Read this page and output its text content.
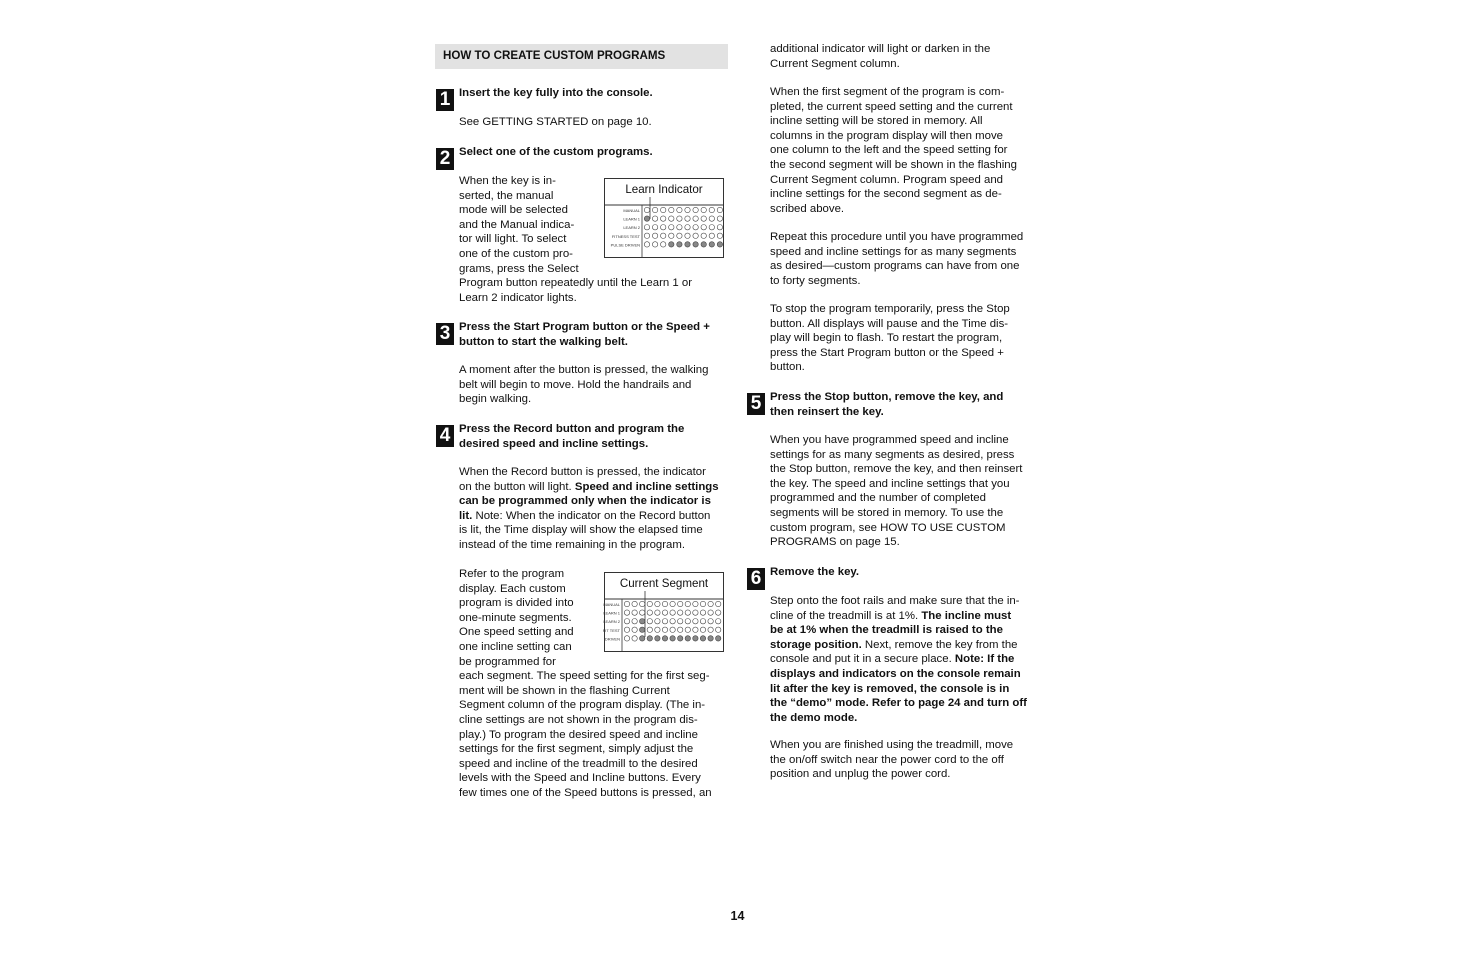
HOW TO CREATE CUSTOM PROGRAMS
1 Insert the key fully into the console.

See GETTING STARTED on page 10.

2 Select one of the custom programs.

When the key is in-

serted, the manual

mode will be selected

and the Manual indica-

tor will light. To select

one of the custom pro-

grams, press the Select

Program button repeatedly until the Learn 1 or

Learn 2 indicator lights.

Learn Indicator
MANUAL
LEARN 1
LEARN 2
FITNESS TEST
PULSE DRIVEN
3 Press the Start Program button or the Speed +

button to start the walking belt.

A moment after the button is pressed, the walking

belt will begin to move. Hold the handrails and

begin walking.

4 Press the Record button and program the

desired speed and incline settings.

When the Record button is pressed, the indicator

on the button will light. Speed and incline settings

can be programmed only when the indicator is

lit. Note: When the indicator on the Record button

is lit, the Time display will show the elapsed time

instead of the time remaining in the program.

Refer to the program

display. Each custom

program is divided into

one-minute segments.

One speed setting and

one incline setting can

be programmed for

each segment. The speed setting for the first seg-

ment will be shown in the flashing Current

Segment column of the program display. (The in-

cline settings are not shown in the program dis-

play.) To program the desired speed and incline

settings for the first segment, simply adjust the

speed and incline of the treadmill to the desired

levels with the Speed and Incline buttons. Every

few times one of the Speed buttons is pressed, an

Current Segment
MANUAL
LEARN 1
LEARN 2
FIT TEST
DRIVEN

additional indicator will light or darken in the

Current Segment column.

When the first segment of the program is com-

pleted, the current speed setting and the current

incline setting will be stored in memory. All

columns in the program display will then move

one column to the left and the speed setting for

the second segment will be shown in the flashing

Current Segment column. Program speed and

incline settings for the second segment as de-

scribed above.

Repeat this procedure until you have programmed

speed and incline settings for as many segments

as desired—custom programs can have from one

to forty segments.

To stop the program temporarily, press the Stop

button. All displays will pause and the Time dis-

play will begin to flash. To restart the program,

press the Start Program button or the Speed +

button.

5 Press the Stop button, remove the key, and

then reinsert the key.

When you have programmed speed and incline

settings for as many segments as desired, press

the Stop button, remove the key, and then reinsert

the key. The speed and incline settings that you

programmed and the number of completed

segments will be stored in memory. To use the

custom program, see HOW TO USE CUSTOM

PROGRAMS on page 15.

6 Remove the key.

Step onto the foot rails and make sure that the in-

cline of the treadmill is at 1%. The incline must

be at 1% when the treadmill is raised to the

storage position. Next, remove the key from the

console and put it in a secure place. Note: If the

displays and indicators on the console remain

lit after the key is removed, the console is in

the “demo” mode. Refer to page 24 and turn off

the demo mode.

When you are finished using the treadmill, move

the on/off switch near the power cord to the off

position and unplug the power cord.

14
